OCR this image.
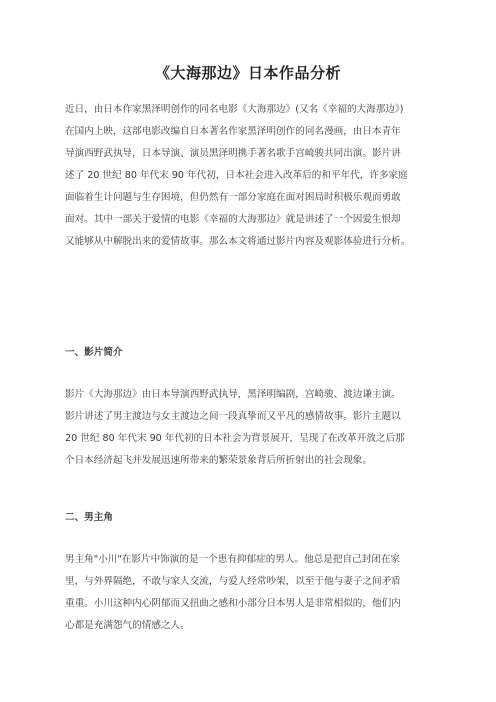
《大海那边》日本作品分析

近日，由日本作家黑泽明创作的同名电影《大海那边》(又名《幸福的大海那边》)
在国内上映，这部电影改编自日本著名作家黑泽明创作的同名漫画，由日本青年
导演西野武执导，日本导演、演员黑泽明携手著名歌手宫崎骏共同出演。影片讲
述了 20 世纪 80 年代末 90 年代初，日本社会进入改革后的和平年代，许多家庭
面临着生计问题与生存困境，但仍然有一部分家庭在面对困局时积极乐观而勇敢
面对。其中一部关于爱情的电影《幸福的大海那边》就是讲述了一个因爱生恨却
又能够从中解脱出来的爱情故事。那么本文将通过影片内容及观影体验进行分析。

一、影片简介

影片《大海那边》由日本导演西野武执导，黑泽明编剧，宫崎骏、渡边谦主演。
影片讲述了男主渡边与女主渡边之间一段真挚而又平凡的感情故事。影片主题以
20 世纪 80 年代末 90 年代初的日本社会为背景展开，呈现了在改革开放之后那
个日本经济起飞并发展迅速所带来的繁荣景象背后所折射出的社会现象。

二、男主角

男主角"小川"在影片中饰演的是一个患有抑郁症的男人。他总是把自己封闭在家
里，与外界隔绝，不敢与家人交流，与爱人经常吵架，以至于他与妻子之间矛盾
重重。小川这种内心阴郁而又扭曲之感和小部分日本男人是非常相似的，他们内
心都是充满怨气的情感之人。
